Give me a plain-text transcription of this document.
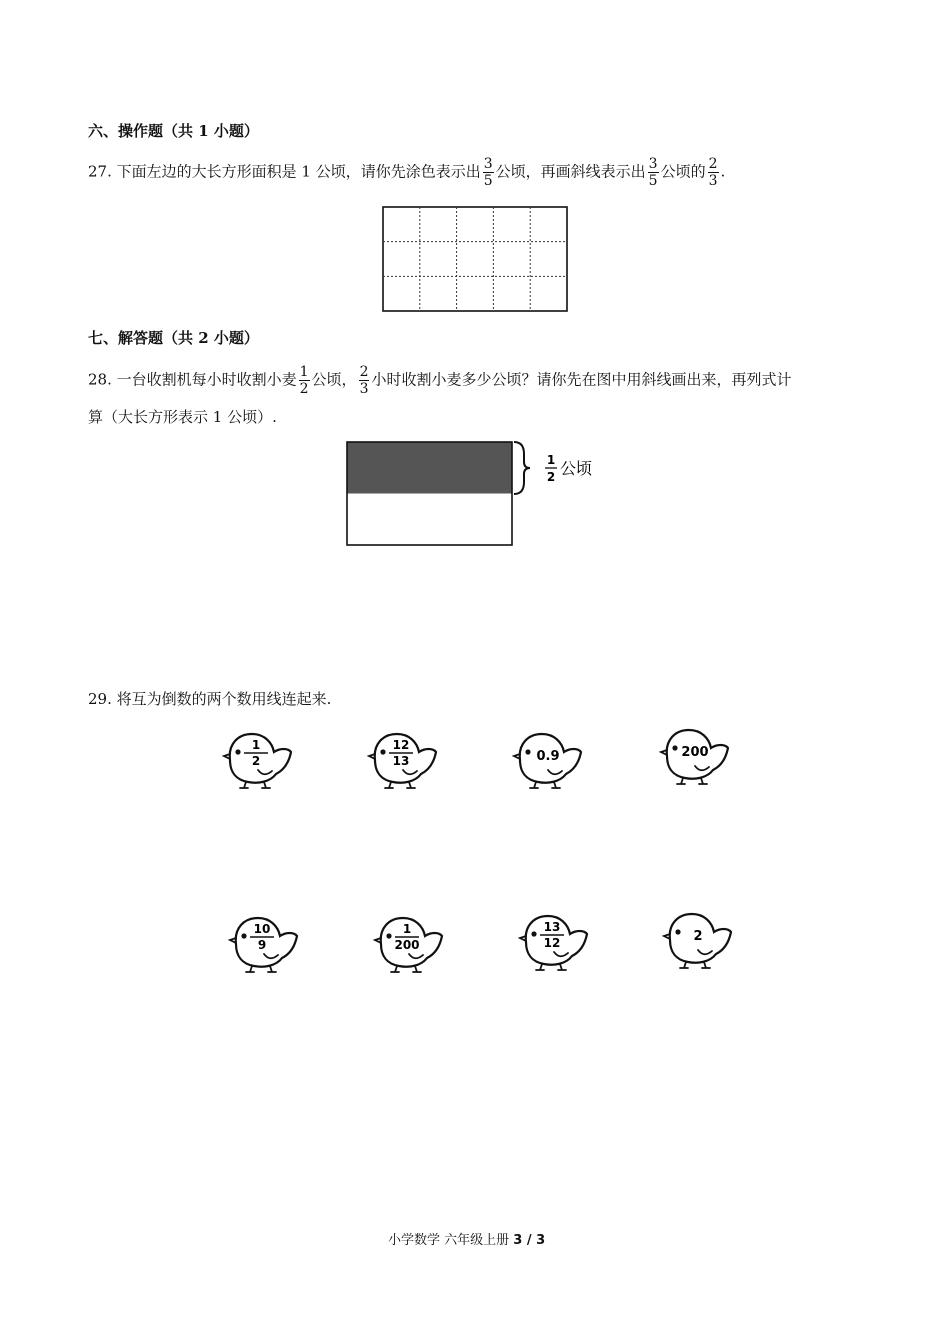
六、操作题（共 1 小题）
27. 下面左边的大长方形面积是 1 公顷，请你先涂色表示出 $\frac{3}{5}$ 公顷，再画斜线表示出 $\frac{3}{5}$ 公顷的 $\frac{2}{3}$ .
七、解答题（共 2 小题）
28. 一台收割机每小时收割小麦 $\frac{1}{2}$ 公顷， $\frac{2}{3}$ 小时收割小麦多少公顷？请你先在图中用斜线画出来，再列式计
算（大长方形表示 1 公顷）.
1
2 公顷
29. 将互为倒数的两个数用线连起来.
1
2
12
13	0.9	200
10
9
1
200
13
12	2
小学数学 六年级上册 3 / 3
